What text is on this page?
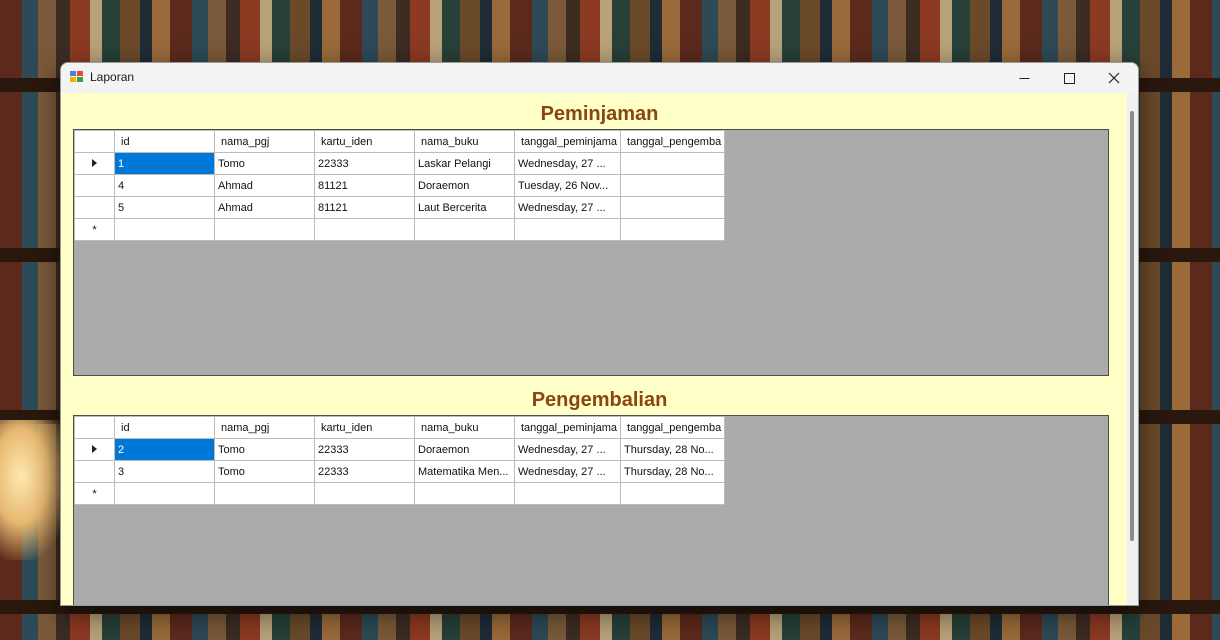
Laporan
Peminjaman
	id	nama_pgj	kartu_iden	nama_buku	tanggal_peminjama	tanggal_pengemba
	1	Tomo	22333	Laskar Pelangi	Wednesday, 27 ...	
	4	Ahmad	81121	Doraemon	Tuesday, 26 Nov...	
	5	Ahmad	81121	Laut Bercerita	Wednesday, 27 ...	
*						
Pengembalian
	id	nama_pgj	kartu_iden	nama_buku	tanggal_peminjama	tanggal_pengemba
	2	Tomo	22333	Doraemon	Wednesday, 27 ...	Thursday, 28 No...
	3	Tomo	22333	Matematika Men...	Wednesday, 27 ...	Thursday, 28 No...
*						
